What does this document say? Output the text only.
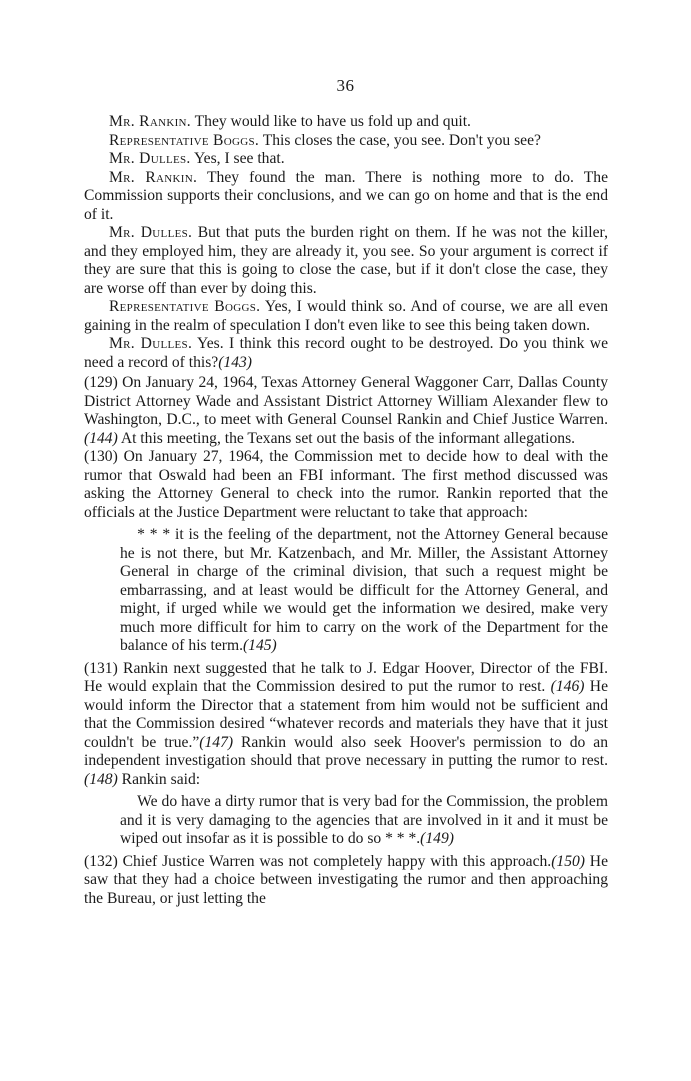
36

Mr. Rankin. They would like to have us fold up and quit.

Representative Boggs. This closes the case, you see. Don't you see?

Mr. Dulles. Yes, I see that.

Mr. Rankin. They found the man. There is nothing more to do. The Commission supports their conclusions, and we can go on home and that is the end of it.

Mr. Dulles. But that puts the burden right on them. If he was not the killer, and they employed him, they are already it, you see. So your argument is correct if they are sure that this is going to close the case, but if it don't close the case, they are worse off than ever by doing this.

Representative Boggs. Yes, I would think so. And of course, we are all even gaining in the realm of speculation I don't even like to see this being taken down.

Mr. Dulles. Yes. I think this record ought to be destroyed. Do you think we need a record of this?(143)

(129) On January 24, 1964, Texas Attorney General Waggoner Carr, Dallas County District Attorney Wade and Assistant District Attorney William Alexander flew to Washington, D.C., to meet with General Counsel Rankin and Chief Justice Warren.(144) At this meeting, the Texans set out the basis of the informant allegations.

(130) On January 27, 1964, the Commission met to decide how to deal with the rumor that Oswald had been an FBI informant. The first method discussed was asking the Attorney General to check into the rumor. Rankin reported that the officials at the Justice Department were reluctant to take that approach:

* * * it is the feeling of the department, not the Attorney General because he is not there, but Mr. Katzenbach, and Mr. Miller, the Assistant Attorney General in charge of the criminal division, that such a request might be embarrassing, and at least would be difficult for the Attorney General, and might, if urged while we would get the information we desired, make very much more difficult for him to carry on the work of the Department for the balance of his term.(145)

(131) Rankin next suggested that he talk to J. Edgar Hoover, Director of the FBI. He would explain that the Commission desired to put the rumor to rest. (146) He would inform the Director that a statement from him would not be sufficient and that the Commission desired “whatever records and materials they have that it just couldn't be true.”(147) Rankin would also seek Hoover's permission to do an independent investigation should that prove necessary in putting the rumor to rest.(148) Rankin said:

We do have a dirty rumor that is very bad for the Commission, the problem and it is very damaging to the agencies that are involved in it and it must be wiped out insofar as it is possible to do so * * *.(149)

(132) Chief Justice Warren was not completely happy with this approach.(150) He saw that they had a choice between investigating the rumor and then approaching the Bureau, or just letting the
